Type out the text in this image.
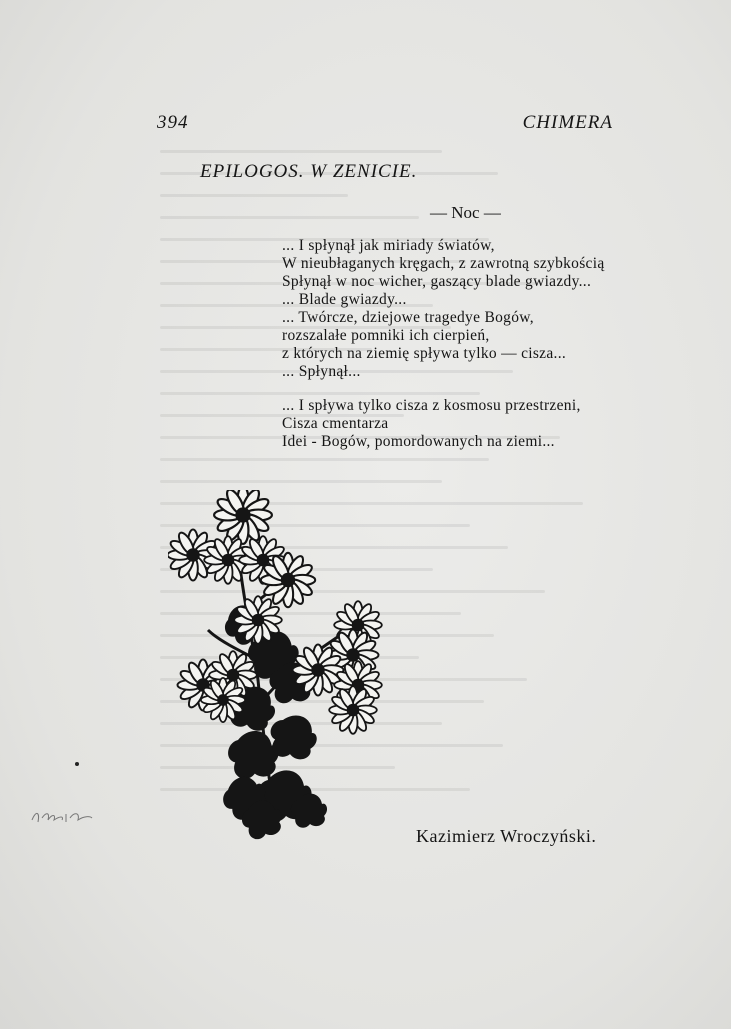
394	CHIMERA
EPILOGOS. W ZENICIE.
— Noc —
... I spłynął jak miriady światów,
W nieubłaganych kręgach, z zawrotną szybkością
Spłynął w noc wicher, gaszący blade gwiazdy...
... Blade gwiazdy...
... Twórcze, dziejowe tragedye Bogów,
rozszalałe pomniki ich cierpień,
z których na ziemię spływa tylko — cisza...
... Spłynął...
... I spływa tylko cisza z kosmosu przestrzeni,
Cisza cmentarza
Idei - Bogów, pomordowanych na ziemi...
Kazimierz Wroczyński.
